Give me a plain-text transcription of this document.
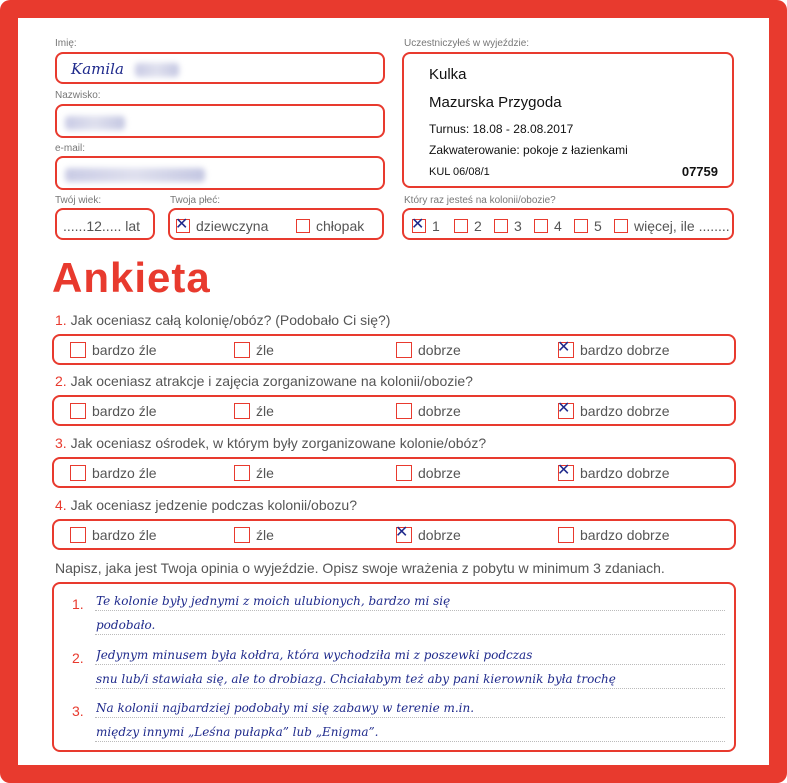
Imię:
Kamila
Nazwisko:
e-mail:
Twój wiek:
......12..... lat
Twoja płeć:
✕ dziewczyna	chłopak
Uczestniczyłeś w wyjeździe:
Kulka
Mazurska Przygoda
Turnus: 18.08 - 28.08.2017
Zakwaterowanie: pokoje z łazienkami
KUL 06/08/1	07759
Który raz jesteś na kolonii/obozie?
✕ 1 2 3 4 5 więcej, ile ........
Ankieta
1. Jak oceniasz całą kolonię/obóz? (Podobało Ci się?)
bardzo źle	źle	dobrze	✕ bardzo dobrze
2. Jak oceniasz atrakcje i zajęcia zorganizowane na kolonii/obozie?
bardzo źle	źle	dobrze	✕ bardzo dobrze
3. Jak oceniasz ośrodek, w którym były zorganizowane kolonie/obóz?
bardzo źle	źle	dobrze	✕ bardzo dobrze
4. Jak oceniasz jedzenie podczas kolonii/obozu?
bardzo źle	źle	✕ dobrze	bardzo dobrze
Napisz, jaka jest Twoja opinia o wyjeździe. Opisz swoje wrażenia z pobytu w minimum 3 zdaniach.
1. Te kolonie były jednymi z moich ulubionych, bardzo mi się
podobało.
2. Jedynym minusem była kołdra, która wychodziła mi z poszewki podczas
snu lub/i stawiała się, ale to drobiazg. Chciałabym też aby pani kierownik była trochę
3. Na kolonii najbardziej podobały mi się zabawy w terenie m.in.
między innymi „Leśna pułapka” lub „Enigma”.
